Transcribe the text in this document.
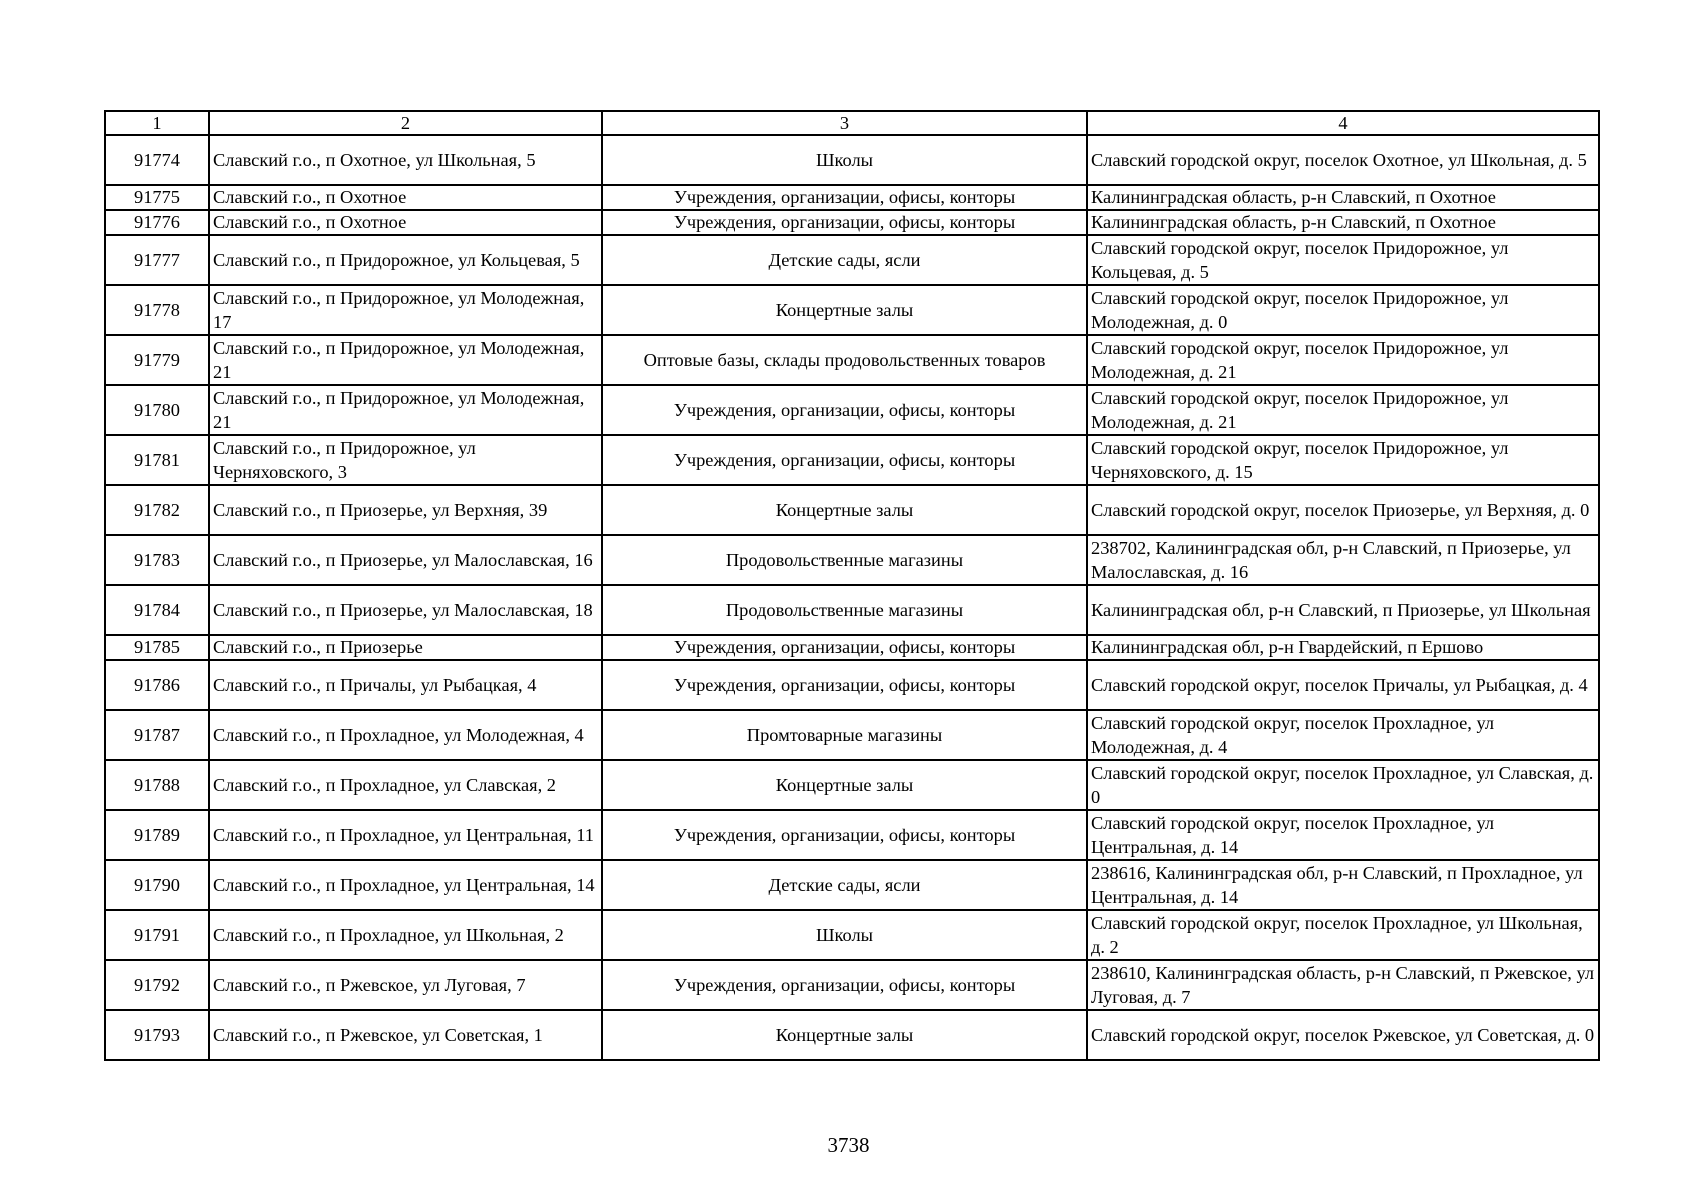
1	2	3	4
91774	Славский г.о., п Охотное, ул Школьная, 5	Школы	Славский городской округ, поселок Охотное, ул Школьная, д. 5
91775	Славский г.о., п Охотное	Учреждения, организации, офисы, конторы	Калининградская область, р-н Славский, п Охотное
91776	Славский г.о., п Охотное	Учреждения, организации, офисы, конторы	Калининградская область, р-н Славский, п Охотное
91777	Славский г.о., п Придорожное, ул Кольцевая, 5	Детские сады, ясли	Славский городской округ, поселок Придорожное, ул Кольцевая, д. 5
91778	Славский г.о., п Придорожное, ул Молодежная, 17	Концертные залы	Славский городской округ, поселок Придорожное, ул Молодежная, д. 0
91779	Славский г.о., п Придорожное, ул Молодежная, 21	Оптовые базы, склады продовольственных товаров	Славский городской округ, поселок Придорожное, ул Молодежная, д. 21
91780	Славский г.о., п Придорожное, ул Молодежная, 21	Учреждения, организации, офисы, конторы	Славский городской округ, поселок Придорожное, ул Молодежная, д. 21
91781	Славский г.о., п Придорожное, ул Черняховского, 3	Учреждения, организации, офисы, конторы	Славский городской округ, поселок Придорожное, ул Черняховского, д. 15
91782	Славский г.о., п Приозерье, ул Верхняя, 39	Концертные залы	Славский городской округ, поселок Приозерье, ул Верхняя, д. 0
91783	Славский г.о., п Приозерье, ул Малославская, 16	Продовольственные магазины	238702, Калининградская обл, р-н Славский, п Приозерье, ул Малославская, д. 16
91784	Славский г.о., п Приозерье, ул Малославская, 18	Продовольственные магазины	Калининградская обл, р-н Славский, п Приозерье, ул Школьная
91785	Славский г.о., п Приозерье	Учреждения, организации, офисы, конторы	Калининградская обл, р-н Гвардейский, п Ершово
91786	Славский г.о., п Причалы, ул Рыбацкая, 4	Учреждения, организации, офисы, конторы	Славский городской округ, поселок Причалы, ул Рыбацкая, д. 4
91787	Славский г.о., п Прохладное, ул Молодежная, 4	Промтоварные магазины	Славский городской округ, поселок Прохладное, ул Молодежная, д. 4
91788	Славский г.о., п Прохладное, ул Славская, 2	Концертные залы	Славский городской округ, поселок Прохладное, ул Славская, д. 0
91789	Славский г.о., п Прохладное, ул Центральная, 11	Учреждения, организации, офисы, конторы	Славский городской округ, поселок Прохладное, ул Центральная, д. 14
91790	Славский г.о., п Прохладное, ул Центральная, 14	Детские сады, ясли	238616, Калининградская обл, р-н Славский, п Прохладное, ул Центральная, д. 14
91791	Славский г.о., п Прохладное, ул Школьная, 2	Школы	Славский городской округ, поселок Прохладное, ул Школьная, д. 2
91792	Славский г.о., п Ржевское, ул Луговая, 7	Учреждения, организации, офисы, конторы	238610, Калининградская область, р-н Славский, п Ржевское, ул Луговая, д. 7
91793	Славский г.о., п Ржевское, ул Советская, 1	Концертные залы	Славский городской округ, поселок Ржевское, ул Советская, д. 0
3738
